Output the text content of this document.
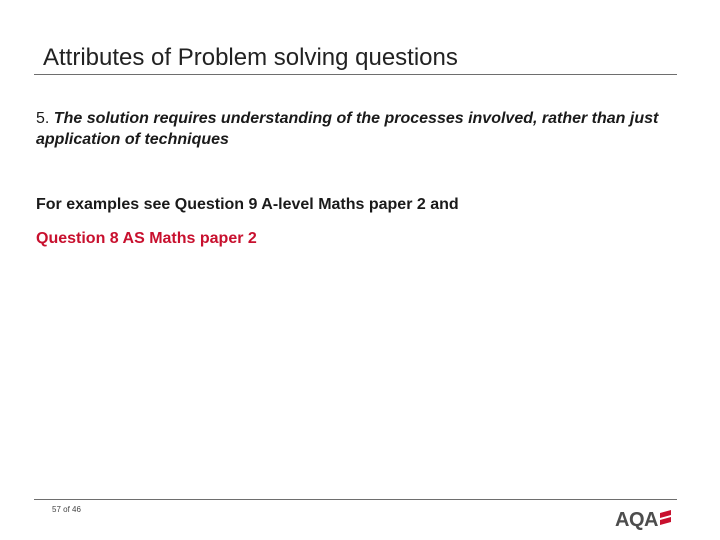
Attributes of Problem solving questions

5. The solution requires understanding of the processes involved, rather than just application of techniques

For examples see Question 9 A-level Maths paper 2 and
Question 8 AS Maths paper 2

57 of 46	AQA
